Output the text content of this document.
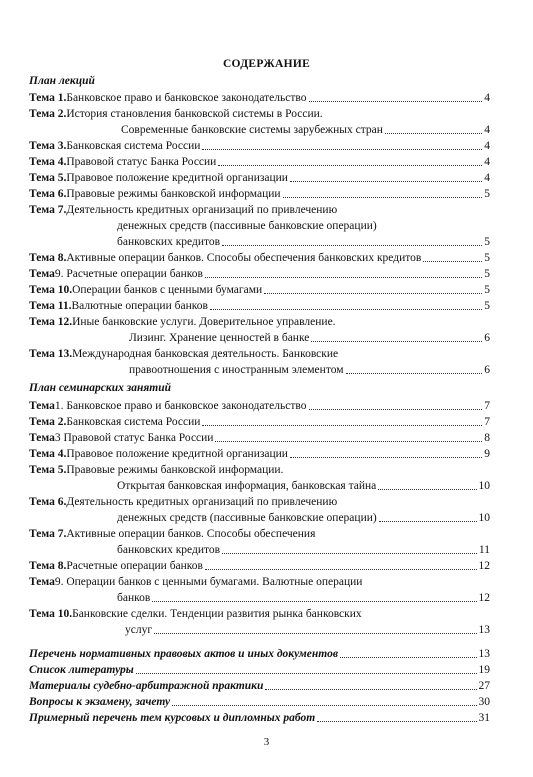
СОДЕРЖАНИЕ
План лекций
План семинарских занятий
Тема 1. Банковское право и банковское законодательство	4
Тема 2. История становления банковской системы в России.
Современные банковские системы зарубежных стран	4
Тема 3. Банковская система России	4
Тема 4. Правовой статус Банка России	4
Тема 5. Правовое положение кредитной организации	4
Тема 6. Правовые режимы банковской информации	5
Тема 7. Деятельность кредитных организаций по привлечению
денежных средств (пассивные банковские операции)
банковских кредитов	5
Тема 8. Активные операции банков. Способы обеспечения банковских кредитов	5
Тема 9. Расчетные операции банков	5
Тема 10. Операции банков с ценными бумагами	5
Тема 11. Валютные операции банков	5
Тема 12. Иные банковские услуги. Доверительное управление.
Лизинг. Хранение ценностей в банке	6
Тема 13. Международная банковская деятельность. Банковские
правоотношения с иностранным элементом	6
Тема 1. Банковское право и банковское законодательство	7
Тема 2. Банковская система России	7
Тема 3 Правовой статус Банка России	8
Тема 4. Правовое положение кредитной организации	9
Тема 5. Правовые режимы банковской информации.
Открытая банковская информация, банковская тайна	10
Тема 6. Деятельность кредитных организаций по привлечению
денежных средств (пассивные банковские операции)	10
Тема 7. Активные операции банков. Способы обеспечения
банковских кредитов	11
Тема 8. Расчетные операции банков	12
Тема 9. Операции банков с ценными бумагами. Валютные операции
банков	12
Тема 10. Банковские сделки. Тенденции развития рынка банковских
услуг	13
Перечень нормативных правовых актов и иных документов	13
Список литературы	19
Материалы судебно-арбитражной практики	27
Вопросы к экзамену, зачету	30
Примерный перечень тем курсовых и дипломных работ	31
3
